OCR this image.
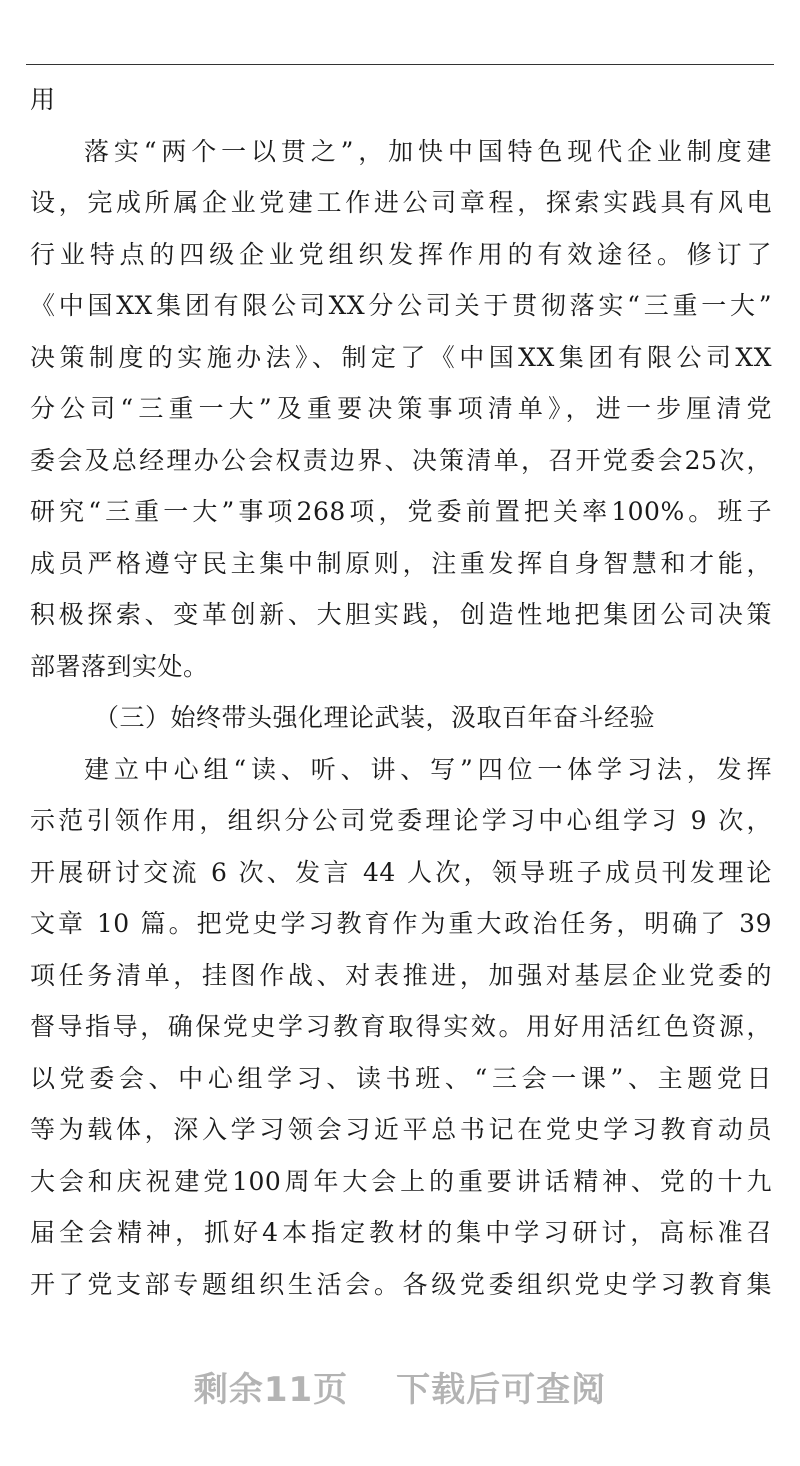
用
落实“两个一以贯之”，加快中国特色现代企业制度建
设，完成所属企业党建工作进公司章程，探索实践具有风电
行业特点的四级企业党组织发挥作用的有效途径。修订了
《中国XX集团有限公司XX分公司关于贯彻落实“三重一大”
决策制度的实施办法》、制定了《中国XX集团有限公司XX
分公司“三重一大”及重要决策事项清单》，进一步厘清党
委会及总经理办公会权责边界、决策清单，召开党委会25次，
研究“三重一大”事项268项，党委前置把关率100%。班子
成员严格遵守民主集中制原则，注重发挥自身智慧和才能，
积极探索、变革创新、大胆实践，创造性地把集团公司决策
部署落到实处。
（三）始终带头强化理论武装，汲取百年奋斗经验
建立中心组“读、听、讲、写”四位一体学习法，发挥
示范引领作用，组织分公司党委理论学习中心组学习 9 次，
开展研讨交流 6 次、发言 44 人次，领导班子成员刊发理论
文章 10 篇。把党史学习教育作为重大政治任务，明确了 39
项任务清单，挂图作战、对表推进，加强对基层企业党委的
督导指导，确保党史学习教育取得实效。用好用活红色资源，
以党委会、中心组学习、读书班、“三会一课”、主题党日
等为载体，深入学习领会习近平总书记在党史学习教育动员
大会和庆祝建党100周年大会上的重要讲话精神、党的十九
届全会精神，抓好4本指定教材的集中学习研讨，高标准召
开了党支部专题组织生活会。各级党委组织党史学习教育集
剩余11页 下载后可查阅
